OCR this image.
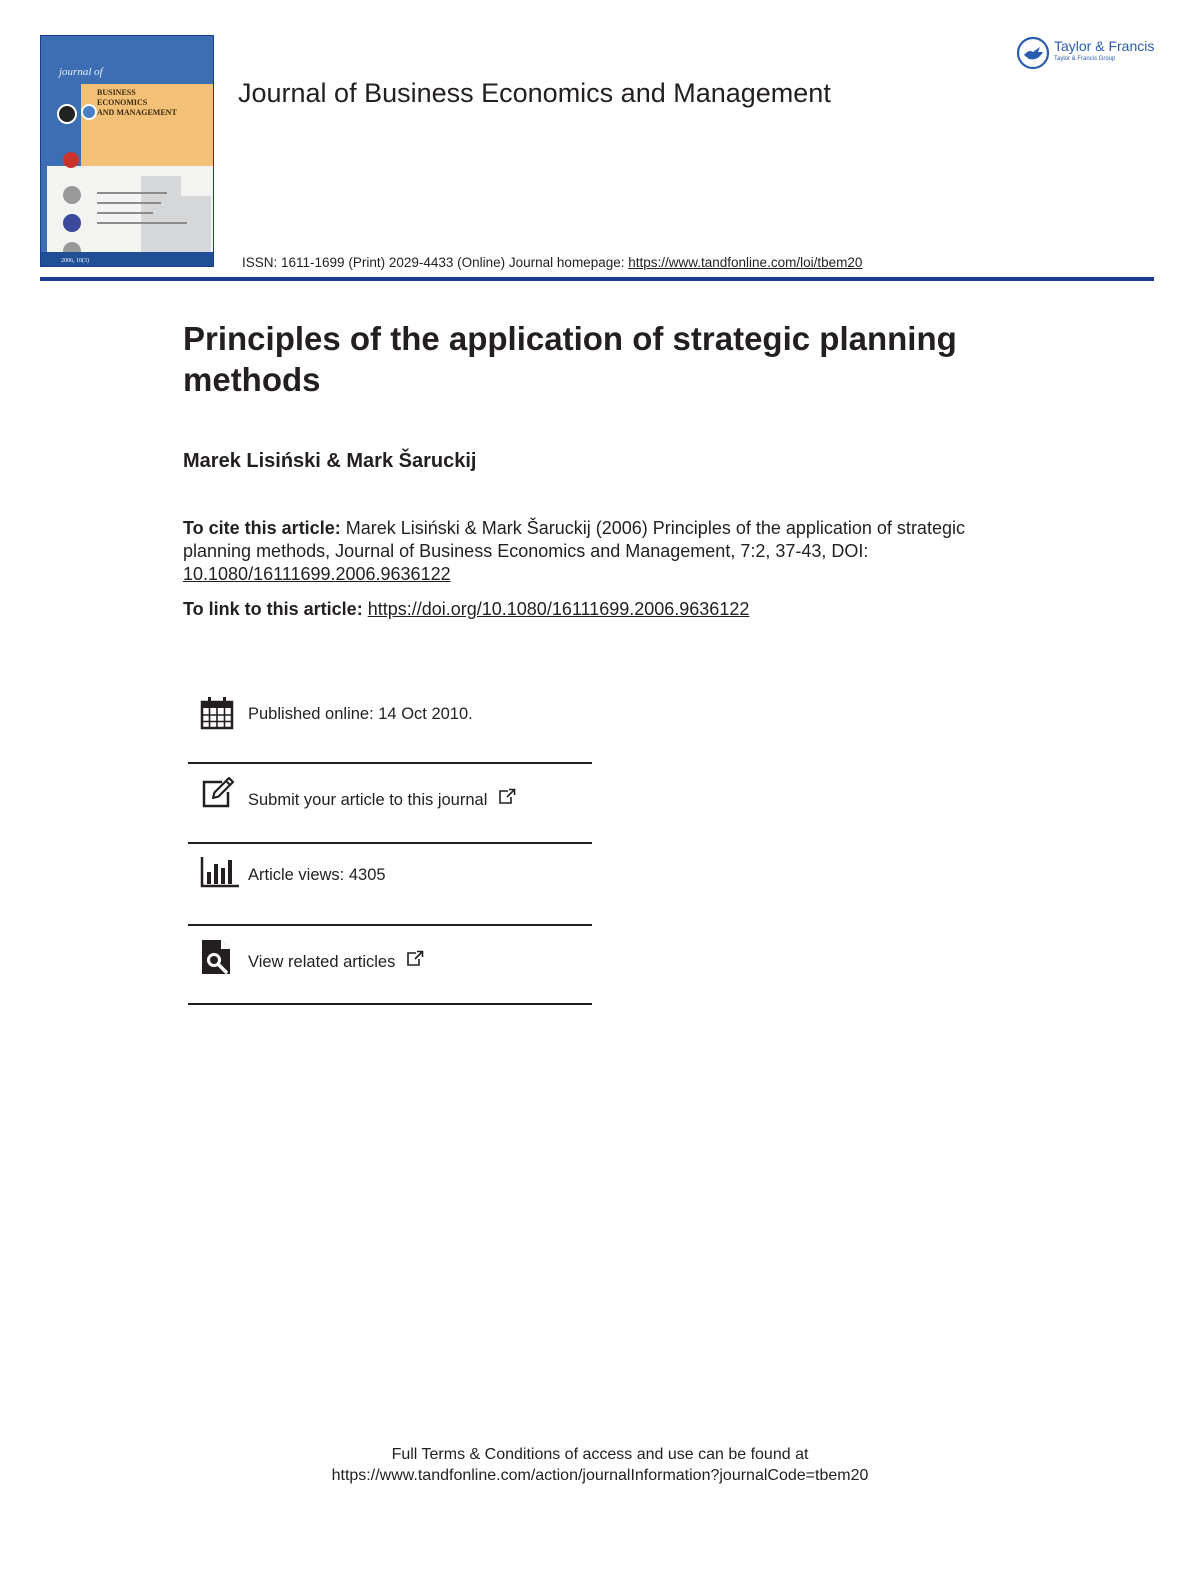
journal of
BUSINESS
ECONOMICS
AND MANAGEMENT
2006, 10(3)
Journal of Business Economics and Management
Taylor & Francis
Taylor & Francis Group
ISSN: 1611-1699 (Print) 2029-4433 (Online) Journal homepage: https://www.tandfonline.com/loi/tbem20
Principles of the application of strategic planning methods
Marek Lisiński & Mark Šaruckij
To cite this article: Marek Lisiński & Mark Šaruckij (2006) Principles of the application of strategic planning methods, Journal of Business Economics and Management, 7:2, 37-43, DOI: 10.1080/16111699.2006.9636122
To link to this article: https://doi.org/10.1080/16111699.2006.9636122
Published online: 14 Oct 2010.
Submit your article to this journal
Article views: 4305
View related articles
Full Terms & Conditions of access and use can be found at
https://www.tandfonline.com/action/journalInformation?journalCode=tbem20
